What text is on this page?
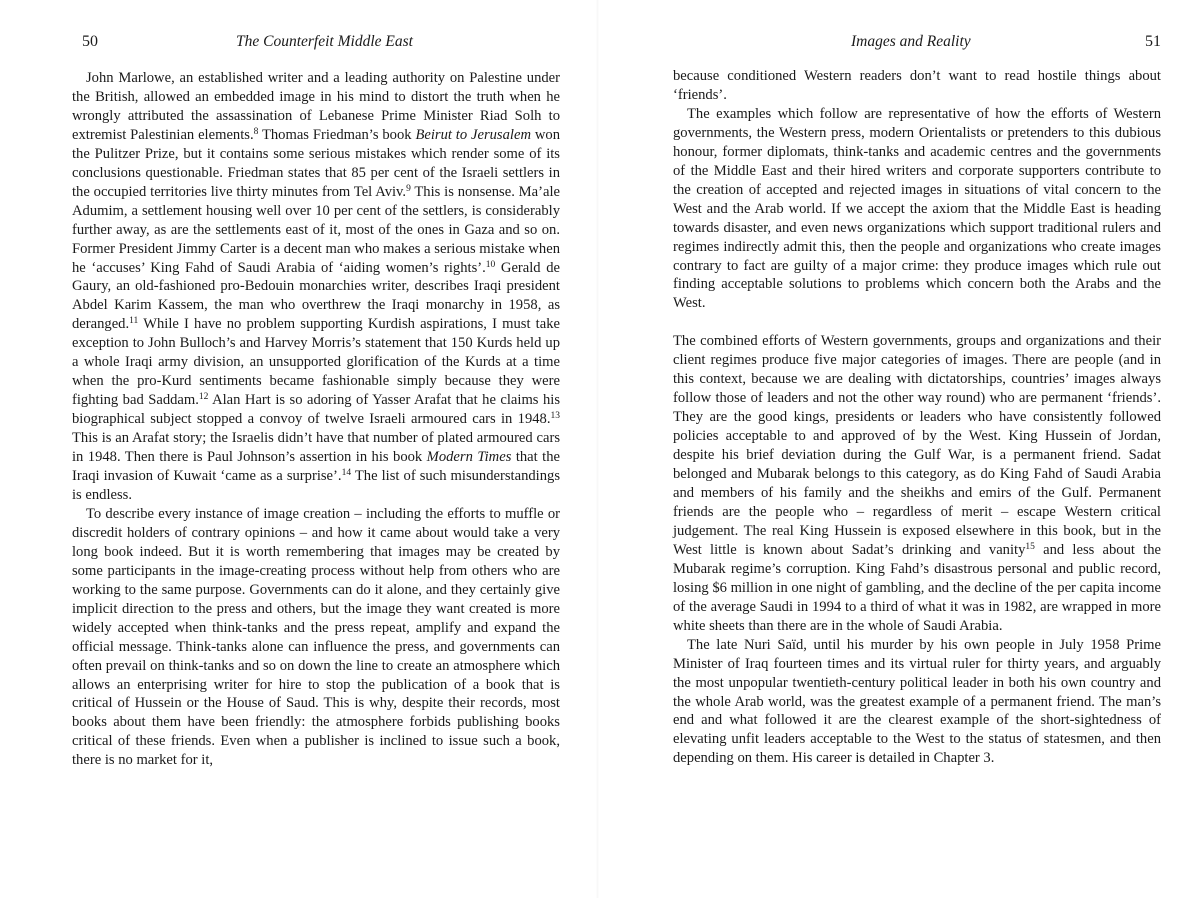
50	The Counterfeit Middle East

John Marlowe, an established writer and a leading authority on Palestine under the British, allowed an embedded image in his mind to distort the truth when he wrongly attributed the assassination of Lebanese Prime Minister Riad Solh to extremist Palestinian elements.$^8$ Thomas Friedman’s book Beirut to Jerusalem won the Pulitzer Prize, but it contains some serious mistakes which render some of its conclusions questionable. Friedman states that 85 per cent of the Israeli settlers in the occupied territories live thirty minutes from Tel Aviv.$^9$ This is nonsense. Ma’ale Adumim, a settlement housing well over 10 per cent of the settlers, is considerably further away, as are the settlements east of it, most of the ones in Gaza and so on. Former President Jimmy Carter is a decent man who makes a serious mistake when he ‘accuses’ King Fahd of Saudi Arabia of ‘aiding women’s rights’.$^{10}$ Gerald de Gaury, an old-fashioned pro-Bedouin monarchies writer, describes Iraqi president Abdel Karim Kassem, the man who overthrew the Iraqi monarchy in 1958, as deranged.$^{11}$ While I have no problem supporting Kurdish aspirations, I must take exception to John Bulloch’s and Harvey Morris’s statement that 150 Kurds held up a whole Iraqi army division, an unsupported glorification of the Kurds at a time when the pro-Kurd sentiments became fashionable simply because they were fighting bad Saddam.$^{12}$ Alan Hart is so adoring of Yasser Arafat that he claims his biographical subject stopped a convoy of twelve Israeli armoured cars in 1948.13 This is an Arafat story; the Israelis didn’t have that number of plated armoured cars in 1948. Then there is Paul Johnson’s assertion in his book Modern Times that the Iraqi invasion of Kuwait ‘came as a surprise’.$^{14}$ The list of such misunderstandings is endless.

To describe every instance of image creation – including the efforts to muffle or discredit holders of contrary opinions – and how it came about would take a very long book indeed. But it is worth remembering that images may be created by some participants in the image-creating process without help from others who are working to the same purpose. Governments can do it alone, and they certainly give implicit direction to the press and others, but the image they want created is more widely accepted when think-tanks and the press repeat, amplify and expand the official message. Think-tanks alone can influence the press, and governments can often prevail on think-tanks and so on down the line to create an atmosphere which allows an enterprising writer for hire to stop the publication of a book that is critical of Hussein or the House of Saud. This is why, despite their records, most books about them have been friendly: the atmosphere forbids publishing books critical of these friends. Even when a publisher is inclined to issue such a book, there is no market for it,

Images and Reality	51

because conditioned Western readers don’t want to read hostile things about ‘friends’.

The examples which follow are representative of how the efforts of Western governments, the Western press, modern Orientalists or pretenders to this dubious honour, former diplomats, think-tanks and academic centres and the governments of the Middle East and their hired writers and corporate supporters contribute to the creation of accepted and rejected images in situations of vital concern to the West and the Arab world. If we accept the axiom that the Middle East is heading towards disaster, and even news organizations which support traditional rulers and regimes indirectly admit this, then the people and organizations who create images contrary to fact are guilty of a major crime: they produce images which rule out finding acceptable solutions to problems which concern both the Arabs and the West.

The combined efforts of Western governments, groups and organizations and their client regimes produce five major categories of images. There are people (and in this context, because we are dealing with dictatorships, countries’ images always follow those of leaders and not the other way round) who are permanent ‘friends’. They are the good kings, presidents or leaders who have consistently followed policies acceptable to and approved of by the West. King Hussein of Jordan, despite his brief deviation during the Gulf War, is a permanent friend. Sadat belonged and Mubarak belongs to this category, as do King Fahd of Saudi Arabia and members of his family and the sheikhs and emirs of the Gulf. Permanent friends are the people who – regardless of merit – escape Western critical judgement. The real King Hussein is exposed elsewhere in this book, but in the West little is known about Sadat’s drinking and vanity$^{15}$ and less about the Mubarak regime’s corruption. King Fahd’s disastrous personal and public record, losing $6 million in one night of gambling, and the decline of the per capita income of the average Saudi in 1994 to a third of what it was in 1982, are wrapped in more white sheets than there are in the whole of Saudi Arabia.

The late Nuri Saïd, until his murder by his own people in July 1958 Prime Minister of Iraq fourteen times and its virtual ruler for thirty years, and arguably the most unpopular twentieth-century political leader in both his own country and the whole Arab world, was the greatest example of a permanent friend. The man’s end and what followed it are the clearest example of the short-sightedness of elevating unfit leaders acceptable to the West to the status of statesmen, and then depending on them. His career is detailed in Chapter 3.
